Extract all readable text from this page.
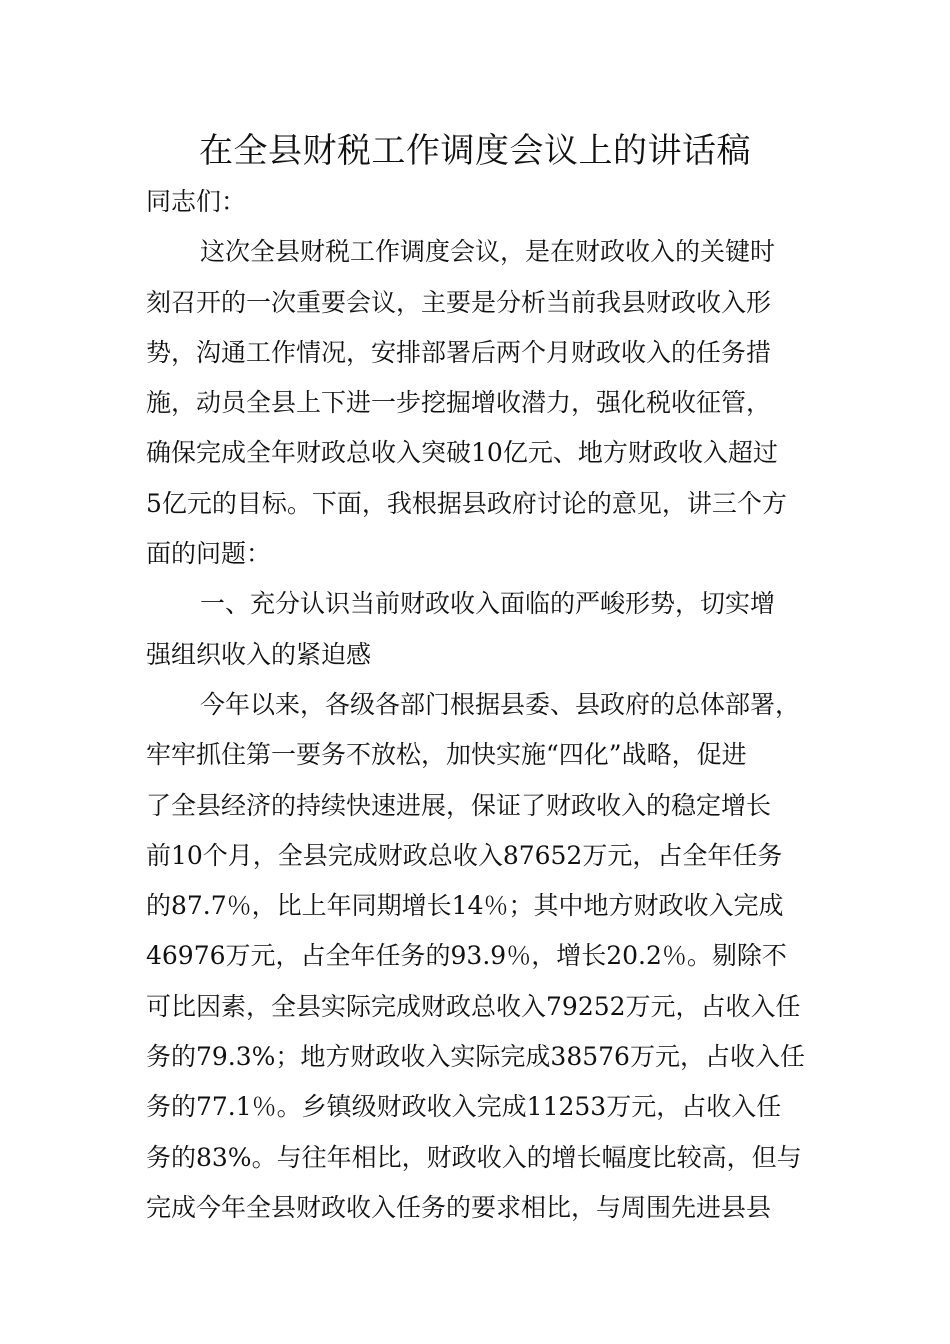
在全县财税工作调度会议上的讲话稿
同志们：
这次全县财税工作调度会议，是在财政收入的关键时
刻召开的一次重要会议，主要是分析当前我县财政收入形
势，沟通工作情况，安排部署后两个月财政收入的任务措
施，动员全县上下进一步挖掘增收潜力，强化税收征管，
确保完成全年财政总收入突破10亿元、地方财政收入超过
5亿元的目标。下面，我根据县政府讨论的意见，讲三个方
面的问题：
一、充分认识当前财政收入面临的严峻形势，切实增
强组织收入的紧迫感
今年以来，各级各部门根据县委、县政府的总体部署，
牢牢抓住第一要务不放松，加快实施“四化”战略，促进
了全县经济的持续快速进展，保证了财政收入的稳定增长
前10个月，全县完成财政总收入87652万元，占全年任务
的87.7％，比上年同期增长14％；其中地方财政收入完成
46976万元，占全年任务的93.9％，增长20.2％。剔除不
可比因素，全县实际完成财政总收入79252万元，占收入任
务的79.3%；地方财政收入实际完成38576万元，占收入任
务的77.1％。乡镇级财政收入完成11253万元，占收入任
务的83%。与往年相比，财政收入的增长幅度比较高，但与
完成今年全县财政收入任务的要求相比，与周围先进县县
